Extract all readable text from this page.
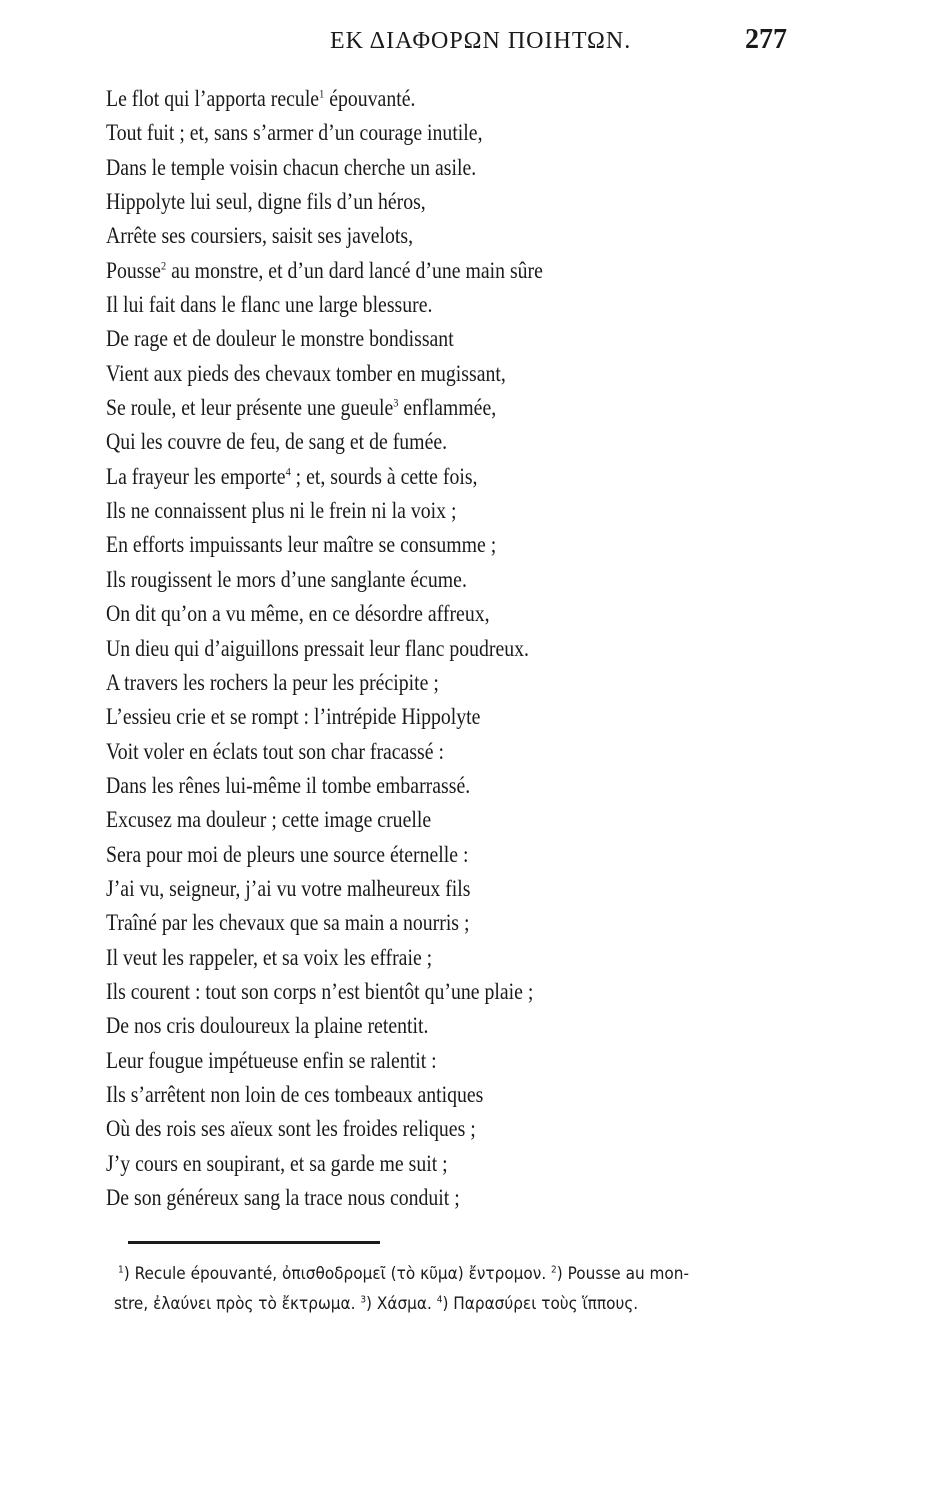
ΕΚ ΔΙΑΦΟΡΩΝ ΠΟΙΗΤΩΝ.	277
Le flot qui l’apporta recule$^1$ épouvanté.
Tout fuit ; et, sans s’armer d’un courage inutile,
Dans le temple voisin chacun cherche un asile.
Hippolyte lui seul, digne fils d’un héros,
Arrête ses coursiers, saisit ses javelots,
Pousse$^2$ au monstre, et d’un dard lancé d’une main sûre
Il lui fait dans le flanc une large blessure.
De rage et de douleur le monstre bondissant
Vient aux pieds des chevaux tomber en mugissant,
Se roule, et leur présente une gueule$^3$ enflammée,
Qui les couvre de feu, de sang et de fumée.
La frayeur les emporte$^4$ ; et, sourds à cette fois,
Ils ne connaissent plus ni le frein ni la voix ;
En efforts impuissants leur maître se consumme ;
Ils rougissent le mors d’une sanglante écume.
On dit qu’on a vu même, en ce désordre affreux,
Un dieu qui d’aiguillons pressait leur flanc poudreux.
A travers les rochers la peur les précipite ;
L’essieu crie et se rompt : l’intrépide Hippolyte
Voit voler en éclats tout son char fracassé :
Dans les rênes lui-même il tombe embarrassé.
Excusez ma douleur ; cette image cruelle
Sera pour moi de pleurs une source éternelle :
J’ai vu, seigneur, j’ai vu votre malheureux fils
Traîné par les chevaux que sa main a nourris ;
Il veut les rappeler, et sa voix les effraie ;
Ils courent : tout son corps n’est bientôt qu’une plaie ;
De nos cris douloureux la plaine retentit.
Leur fougue impétueuse enfin se ralentit :
Ils s’arrêtent non loin de ces tombeaux antiques
Où des rois ses aïeux sont les froides reliques ;
J’y cours en soupirant, et sa garde me suit ;
De son généreux sang la trace nous conduit ;
$^1$) Recule épouvanté, ὀπισθοδρομεῖ (τὸ κῦμα) ἔντρομον. $^2$) Pousse au mon-
stre, ἐλαύνει πρὸς τὸ ἔκτρωμα. $^3$) Χάσμα. $^4$) Παρασύρει τοὺς ἵππους.
